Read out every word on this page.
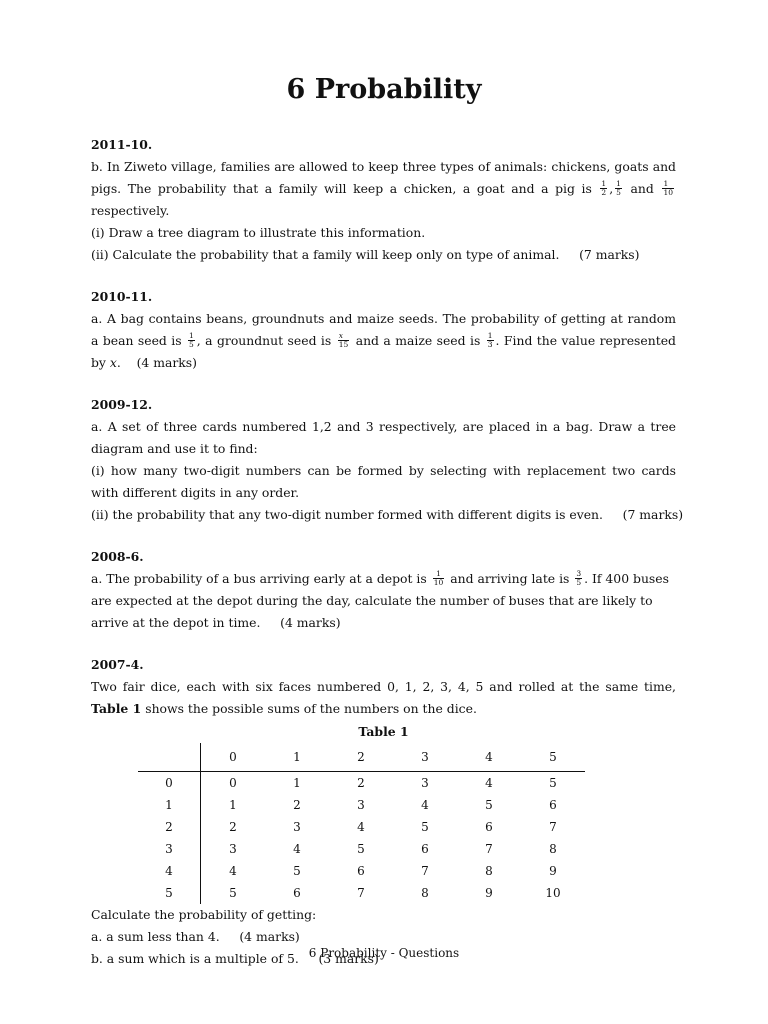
6 Probability
2011-10.
b. In Ziweto village, families are allowed to keep three types of animals: chickens, goats and pigs. The probability that a family will keep a chicken, a goat and a pig is $\frac{1}{2}$ , $\frac{1}{5}$ and $\frac{1}{10}$
respectively.
(i) Draw a tree diagram to illustrate this information.
(ii) Calculate the probability that a family will keep only on type of animal.     (7 marks)
2010-11.
a. A bag contains beans, groundnuts and maize seeds. The probability of getting at random a bean seed is $\frac{1}{5}$ , a groundnut seed is $\frac{x}{15}$ and a maize seed is $\frac{1}{3}$ . Find the value represented by x.    (4 marks)
2009-12.
a. A set of three cards numbered 1,2 and 3 respectively, are placed in a bag. Draw a tree diagram and use it to find:
(i) how many two-digit numbers can be formed by selecting with replacement two cards with different digits in any order.
(ii) the probability that any two-digit number formed with different digits is even.     (7 marks)
2008-6.
a. The probability of a bus arriving early at a depot is $\frac{1}{10}$ and arriving late is $\frac{3}{5}$ . If 400 buses are expected at the depot during the day, calculate the number of buses that are likely to arrive at the depot in time.     (4 marks)
2007-4.
Two fair dice, each with six faces numbered 0, 1, 2, 3, 4, 5 and rolled at the same time, Table 1 shows the possible sums of the numbers on the dice.
Table 1
	0	1	2	3	4	5
0	0	1	2	3	4	5
1	1	2	3	4	5	6
2	2	3	4	5	6	7
3	3	4	5	6	7	8
4	4	5	6	7	8	9
5	5	6	7	8	9	10
Calculate the probability of getting:
a. a sum less than 4.     (4 marks)
b. a sum which is a multiple of 5.     (3 marks)
6 Probability - Questions
